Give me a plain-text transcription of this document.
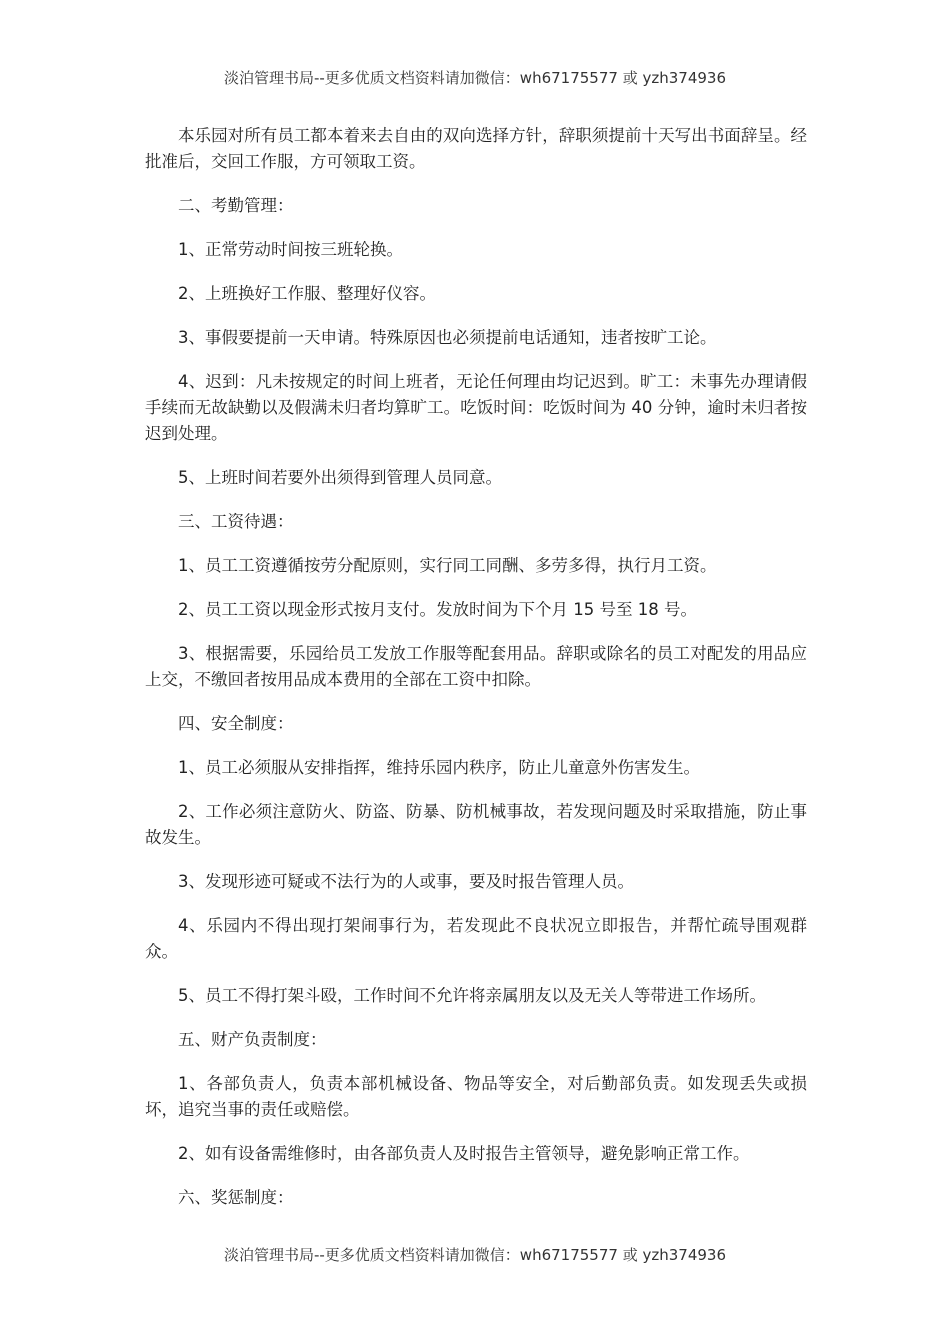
淡泊管理书局--更多优质文档资料请加微信：wh67175577 或 yzh374936

本乐园对所有员工都本着来去自由的双向选择方针，辞职须提前十天写出书面辞呈。经批准后，交回工作服，方可领取工资。

二、考勤管理：

1、正常劳动时间按三班轮换。

2、上班换好工作服、整理好仪容。

3、事假要提前一天申请。特殊原因也必须提前电话通知，违者按旷工论。

4、迟到：凡未按规定的时间上班者，无论任何理由均记迟到。旷工：未事先办理请假手续而无故缺勤以及假满未归者均算旷工。吃饭时间：吃饭时间为 40 分钟，逾时未归者按迟到处理。

5、上班时间若要外出须得到管理人员同意。

三、工资待遇：

1、员工工资遵循按劳分配原则，实行同工同酬、多劳多得，执行月工资。

2、员工工资以现金形式按月支付。发放时间为下个月 15 号至 18 号。

3、根据需要，乐园给员工发放工作服等配套用品。辞职或除名的员工对配发的用品应上交，不缴回者按用品成本费用的全部在工资中扣除。

四、安全制度：

1、员工必须服从安排指挥，维持乐园内秩序，防止儿童意外伤害发生。

2、工作必须注意防火、防盗、防暴、防机械事故，若发现问题及时采取措施，防止事故发生。

3、发现形迹可疑或不法行为的人或事，要及时报告管理人员。

4、乐园内不得出现打架闹事行为，若发现此不良状况立即报告，并帮忙疏导围观群众。

5、员工不得打架斗殴，工作时间不允许将亲属朋友以及无关人等带进工作场所。

五、财产负责制度：

1、各部负责人，负责本部机械设备、物品等安全，对后勤部负责。如发现丢失或损坏，追究当事的责任或赔偿。

2、如有设备需维修时，由各部负责人及时报告主管领导，避免影响正常工作。

六、奖惩制度：

淡泊管理书局--更多优质文档资料请加微信：wh67175577 或 yzh374936
